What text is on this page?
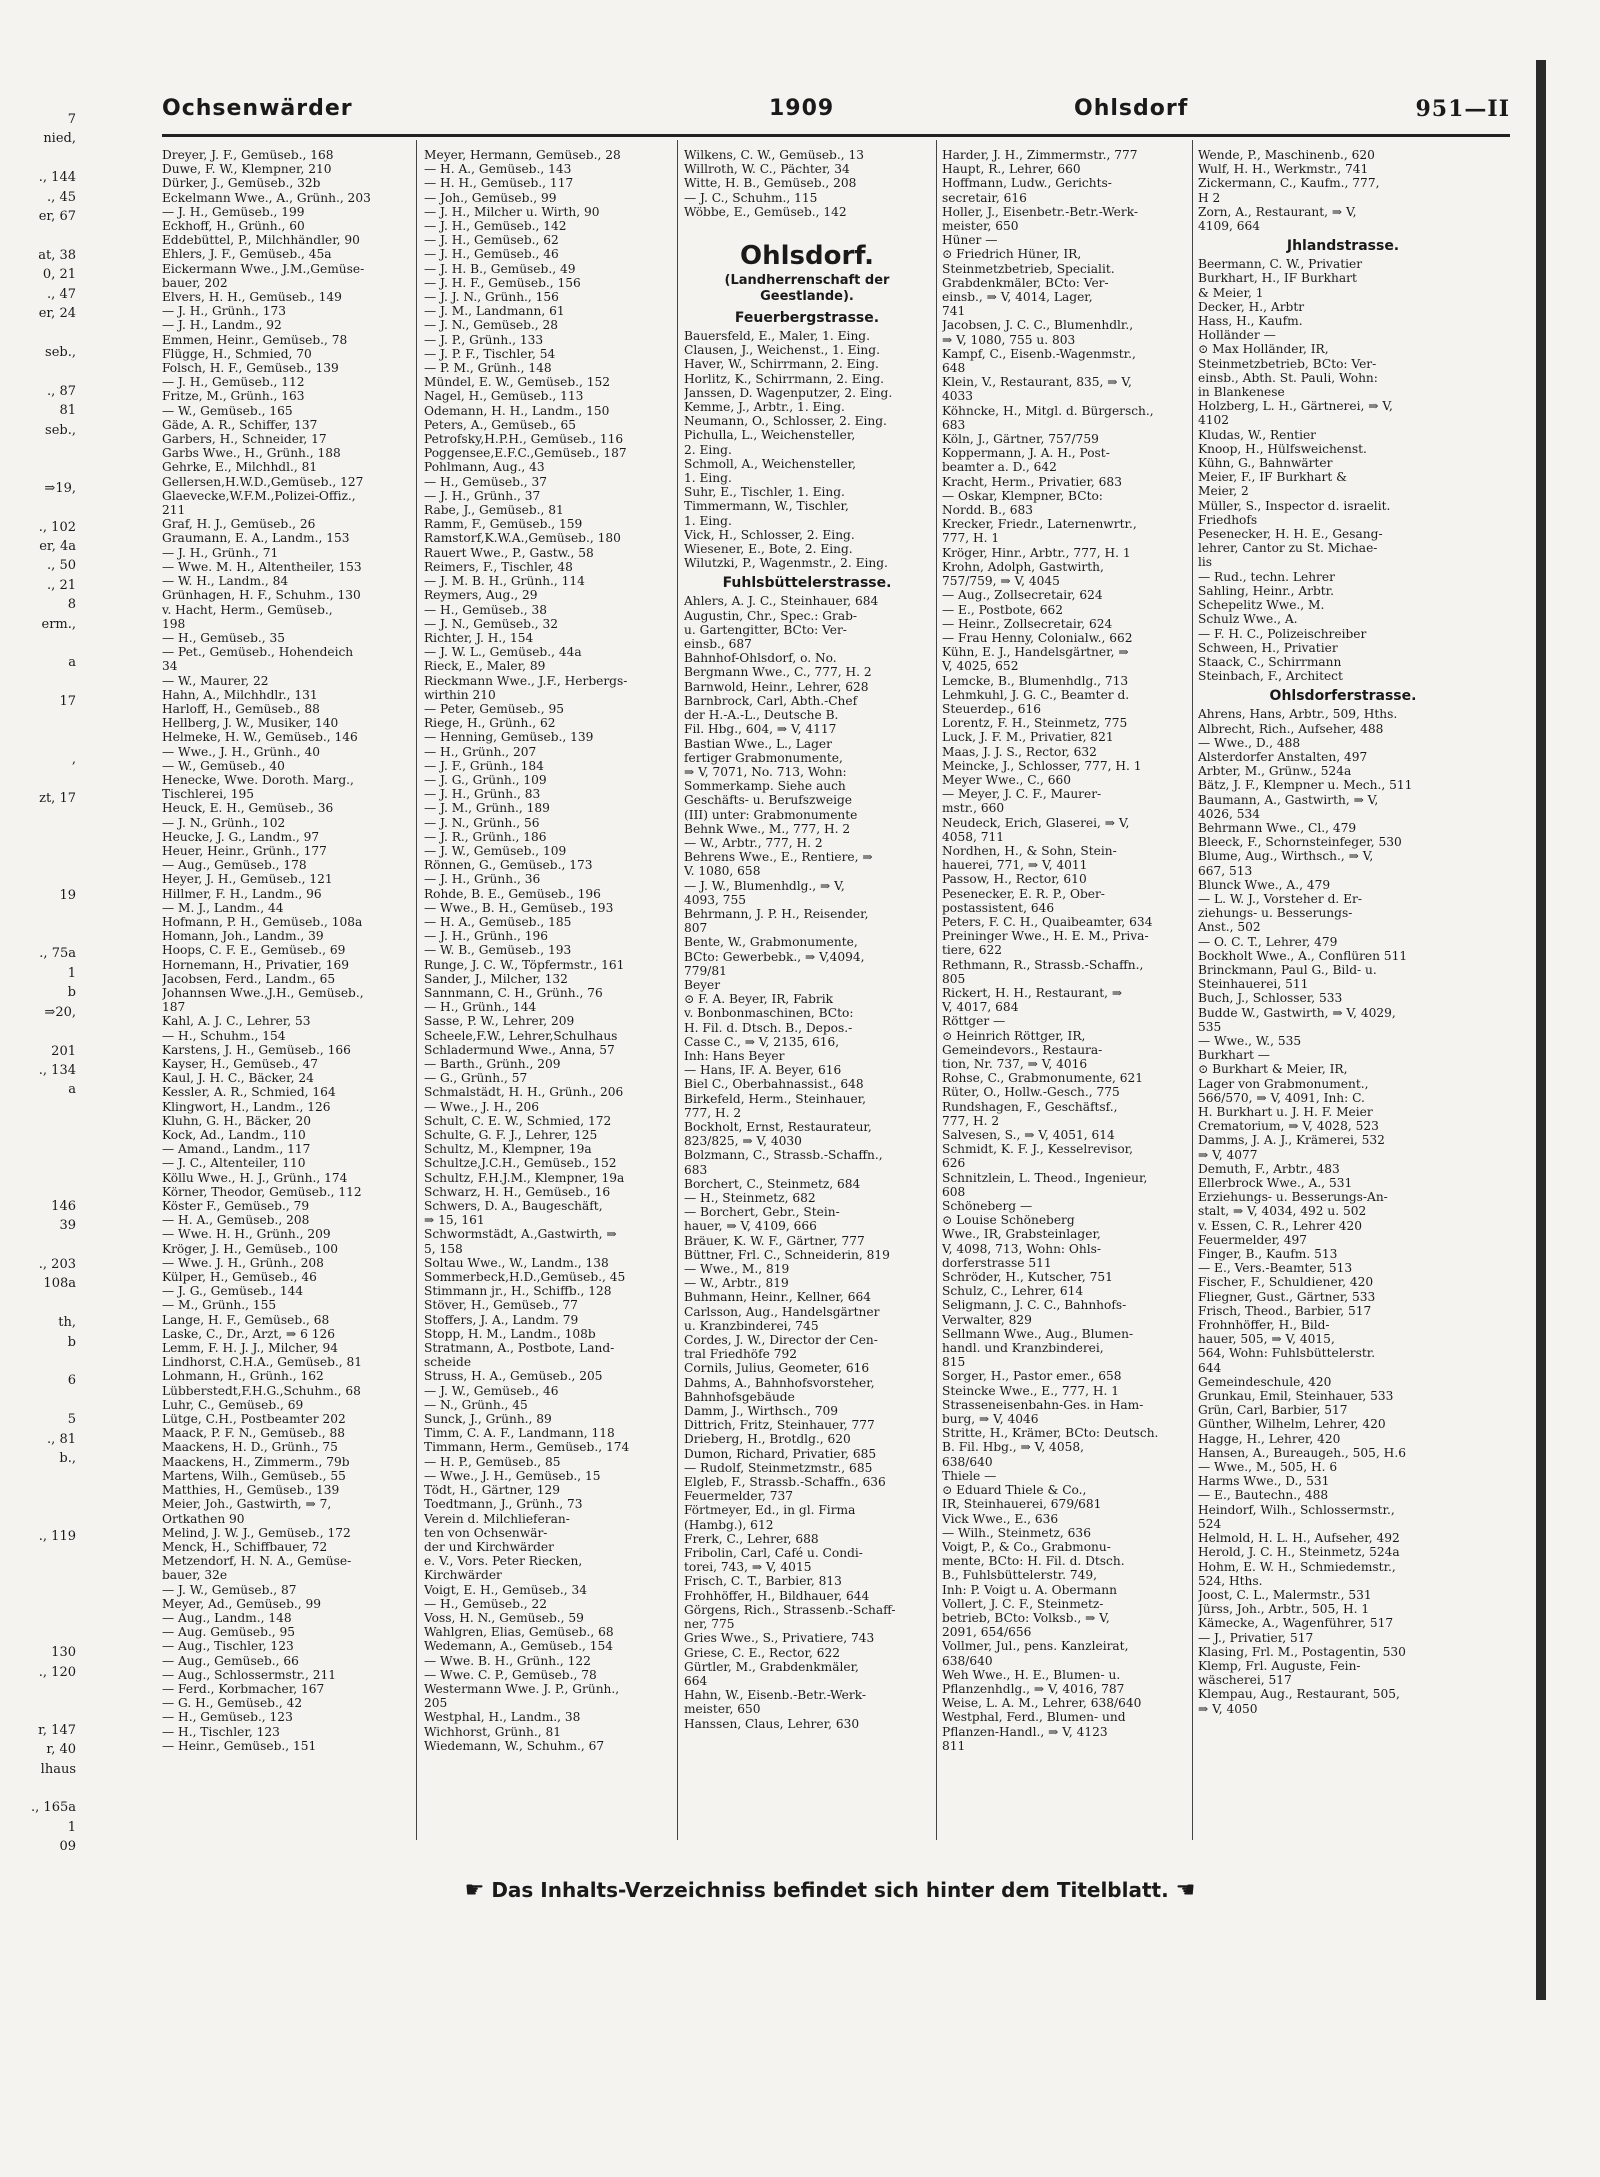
7
nied,

., 144
., 45
er, 67

at, 38
0, 21
., 47
er, 24

seb.,

., 87
81
seb.,

⇒19,

., 102
er, 4a
., 50
., 21
8
erm.,

a

17

,

zt, 17

19

., 75a
1
b
⇒20,

201
., 134
a

146
39

., 203
108a

th,
b

6

5
., 81
b.,

., 119

130
., 120

r, 147
r, 40
lhaus

., 165a
1
09
Ochsenwärder	1909	Ohlsdorf	951—II
Dreyer, J. F., Gemüseb., 168
Duwe, F. W., Klempner, 210
Dürker, J., Gemüseb., 32b
Eckelmann Wwe., A., Grünh., 203
— J. H., Gemüseb., 199
Eckhoff, H., Grünh., 60
Eddebüttel, P., Milchhändler, 90
Ehlers, J. F., Gemüseb., 45a
Eickermann Wwe., J.M.,Gemüse-
bauer, 202
Elvers, H. H., Gemüseb., 149
— J. H., Grünh., 173
— J. H., Landm., 92
Emmen, Heinr., Gemüseb., 78
Flügge, H., Schmied, 70
Folsch, H. F., Gemüseb., 139
— J. H., Gemüseb., 112
Fritze, M., Grünh., 163
— W., Gemüseb., 165
Gäde, A. R., Schiffer, 137
Garbers, H., Schneider, 17
Garbs Wwe., H., Grünh., 188
Gehrke, E., Milchhdl., 81
Gellersen,H.W.D.,Gemüseb., 127
Glaevecke,W.F.M.,Polizei-Offiz.,
211
Graf, H. J., Gemüseb., 26
Graumann, E. A., Landm., 153
— J. H., Grünh., 71
— Wwe. M. H., Altentheiler, 153
— W. H., Landm., 84
Grünhagen, H. F., Schuhm., 130
v. Hacht, Herm., Gemüseb.,
198
— H., Gemüseb., 35
— Pet., Gemüseb., Hohendeich
34
— W., Maurer, 22
Hahn, A., Milchhdlr., 131
Harloff, H., Gemüseb., 88
Hellberg, J. W., Musiker, 140
Helmeke, H. W., Gemüseb., 146
— Wwe., J. H., Grünh., 40
— W., Gemüseb., 40
Henecke, Wwe. Doroth. Marg.,
Tischlerei, 195
Heuck, E. H., Gemüseb., 36
— J. N., Grünh., 102
Heucke, J. G., Landm., 97
Heuer, Heinr., Grünh., 177
— Aug., Gemüseb., 178
Heyer, J. H., Gemüseb., 121
Hillmer, F. H., Landm., 96
— M. J., Landm., 44
Hofmann, P. H., Gemüseb., 108a
Homann, Joh., Landm., 39
Hoops, C. F. E., Gemüseb., 69
Hornemann, H., Privatier, 169
Jacobsen, Ferd., Landm., 65
Johannsen Wwe.,J.H., Gemüseb.,
187
Kahl, A. J. C., Lehrer, 53
— H., Schuhm., 154
Karstens, J. H., Gemüseb., 166
Kayser, H., Gemüseb., 47
Kaul, J. H. C., Bäcker, 24
Kessler, A. R., Schmied, 164
Klingwort, H., Landm., 126
Kluhn, G. H., Bäcker, 20
Kock, Ad., Landm., 110
— Amand., Landm., 117
— J. C., Altenteiler, 110
Köllu Wwe., H. J., Grünh., 174
Körner, Theodor, Gemüseb., 112
Köster F., Gemüseb., 79
— H. A., Gemüseb., 208
— Wwe. H. H., Grünh., 209
Kröger, J. H., Gemüseb., 100
— Wwe. J. H., Grünh., 208
Külper, H., Gemüseb., 46
— J. G., Gemüseb., 144
— M., Grünh., 155
Lange, H. F., Gemüseb., 68
Laske, C., Dr., Arzt, ⇒ 6 126
Lemm, F. H. J. J., Milcher, 94
Lindhorst, C.H.A., Gemüseb., 81
Lohmann, H., Grünh., 162
Lübberstedt,F.H.G.,Schuhm., 68
Luhr, C., Gemüseb., 69
Lütge, C.H., Postbeamter 202
Maack, P. F. N., Gemüseb., 88
Maackens, H. D., Grünh., 75
Maackens, H., Zimmerm., 79b
Martens, Wilh., Gemüseb., 55
Matthies, H., Gemüseb., 139
Meier, Joh., Gastwirth, ⇒ 7,
Ortkathen 90
Melind, J. W. J., Gemüseb., 172
Menck, H., Schiffbauer, 72
Metzendorf, H. N. A., Gemüse-
bauer, 32e
— J. W., Gemüseb., 87
Meyer, Ad., Gemüseb., 99
— Aug., Landm., 148
— Aug. Gemüseb., 95
— Aug., Tischler, 123
— Aug., Gemüseb., 66
— Aug., Schlossermstr., 211
— Ferd., Korbmacher, 167
— G. H., Gemüseb., 42
— H., Gemüseb., 123
— H., Tischler, 123
— Heinr., Gemüseb., 151
Meyer, Hermann, Gemüseb., 28
— H. A., Gemüseb., 143
— H. H., Gemüseb., 117
— Joh., Gemüseb., 99
— J. H., Milcher u. Wirth, 90
— J. H., Gemüseb., 142
— J. H., Gemüseb., 62
— J. H., Gemüseb., 46
— J. H. B., Gemüseb., 49
— J. H. F., Gemüseb., 156
— J. J. N., Grünh., 156
— J. M., Landmann, 61
— J. N., Gemüseb., 28
— J. P., Grünh., 133
— J. P. F., Tischler, 54
— P. M., Grünh., 148
Mündel, E. W., Gemüseb., 152
Nagel, H., Gemüseb., 113
Odemann, H. H., Landm., 150
Peters, A., Gemüseb., 65
Petrofsky,H.P.H., Gemüseb., 116
Poggensee,E.F.C.,Gemüseb., 187
Pohlmann, Aug., 43
— H., Gemüseb., 37
— J. H., Grünh., 37
Rabe, J., Gemüseb., 81
Ramm, F., Gemüseb., 159
Ramstorf,K.W.A.,Gemüseb., 180
Rauert Wwe., P., Gastw., 58
Reimers, F., Tischler, 48
— J. M. B. H., Grünh., 114
Reymers, Aug., 29
— H., Gemüseb., 38
— J. N., Gemüseb., 32
Richter, J. H., 154
— J. W. L., Gemüseb., 44a
Rieck, E., Maler, 89
Rieckmann Wwe., J.F., Herbergs-
wirthin 210
— Peter, Gemüseb., 95
Riege, H., Grünh., 62
— Henning, Gemüseb., 139
— H., Grünh., 207
— J. F., Grünh., 184
— J. G., Grünh., 109
— J. H., Grünh., 83
— J. M., Grünh., 189
— J. N., Grünh., 56
— J. R., Grünh., 186
— J. W., Gemüseb., 109
Rönnen, G., Gemüseb., 173
— J. H., Grünh., 36
Rohde, B. E., Gemüseb., 196
— Wwe., B. H., Gemüseb., 193
— H. A., Gemüseb., 185
— J. H., Grünh., 196
— W. B., Gemüseb., 193
Runge, J. C. W., Töpfermstr., 161
Sander, J., Milcher, 132
Sannmann, C. H., Grünh., 76
— H., Grünh., 144
Sasse, P. W., Lehrer, 209
Scheele,F.W., Lehrer,Schulhaus
Schladermund Wwe., Anna, 57
— Barth., Grünh., 209
— G., Grünh., 57
Schmalstädt, H. H., Grünh., 206
— Wwe., J. H., 206
Schult, C. E. W., Schmied, 172
Schulte, G. F. J., Lehrer, 125
Schultz, M., Klempner, 19a
Schultze,J.C.H., Gemüseb., 152
Schultz, F.H.J.M., Klempner, 19a
Schwarz, H. H., Gemüseb., 16
Schwers, D. A., Baugeschäft,
⇒ 15, 161
Schwormstädt, A.,Gastwirth, ⇒
5, 158
Soltau Wwe., W., Landm., 138
Sommerbeck,H.D.,Gemüseb., 45
Stimmann jr., H., Schiffb., 128
Stöver, H., Gemüseb., 77
Stoffers, J. A., Landm. 79
Stopp, H. M., Landm., 108b
Stratmann, A., Postbote, Land-
scheide
Struss, H. A., Gemüseb., 205
— J. W., Gemüseb., 46
— N., Grünh., 45
Sunck, J., Grünh., 89
Timm, C. A. F., Landmann, 118
Timmann, Herm., Gemüseb., 174
— H. P., Gemüseb., 85
— Wwe., J. H., Gemüseb., 15
Tödt, H., Gärtner, 129
Toedtmann, J., Grünh., 73
Verein d. Milchlieferan-
ten von Ochsenwär-
der und Kirchwärder
e. V., Vors. Peter Riecken,
Kirchwärder
Voigt, E. H., Gemüseb., 34
— H., Gemüseb., 22
Voss, H. N., Gemüseb., 59
Wahlgren, Elias, Gemüseb., 68
Wedemann, A., Gemüseb., 154
— Wwe. B. H., Grünh., 122
— Wwe. C. P., Gemüseb., 78
Westermann Wwe. J. P., Grünh.,
205
Westphal, H., Landm., 38
Wichhorst, Grünh., 81
Wiedemann, W., Schuhm., 67
Wilkens, C. W., Gemüseb., 13
Willroth, W. C., Pächter, 34
Witte, H. B., Gemüseb., 208
— J. C., Schuhm., 115
Wöbbe, E., Gemüseb., 142
Ohlsdorf.
(Landherrenschaft der
Geestlande).
Feuerbergstrasse.
Bauersfeld, E., Maler, 1. Eing.
Clausen, J., Weichenst., 1. Eing.
Haver, W., Schirrmann, 2. Eing.
Horlitz, K., Schirrmann, 2. Eing.
Janssen, D. Wagenputzer, 2. Eing.
Kemme, J., Arbtr., 1. Eing.
Neumann, O., Schlosser, 2. Eing.
Pichulla, L., Weichensteller,
2. Eing.
Schmoll, A., Weichensteller,
1. Eing.
Suhr, E., Tischler, 1. Eing.
Timmermann, W., Tischler,
1. Eing.
Vick, H., Schlosser, 2. Eing.
Wiesener, E., Bote, 2. Eing.
Wilutzki, P., Wagenmstr., 2. Eing.
Fuhlsbüttelerstrasse.
Ahlers, A. J. C., Steinhauer, 684
Augustin, Chr., Spec.: Grab-
u. Gartengitter, BCto: Ver-
einsb., 687
Bahnhof-Ohlsdorf, o. No.
Bergmann Wwe., C., 777, H. 2
Barnwold, Heinr., Lehrer, 628
Barnbrock, Carl, Abth.-Chef
der H.-A.-L., Deutsche B.
Fil. Hbg., 604, ⇒ V, 4117
Bastian Wwe., L., Lager
fertiger Grabmonumente,
⇒ V, 7071, No. 713, Wohn:
Sommerkamp. Siehe auch
Geschäfts- u. Berufszweige
(III) unter: Grabmonumente
Behnk Wwe., M., 777, H. 2
— W., Arbtr., 777, H. 2
Behrens Wwe., E., Rentiere, ⇒
V. 1080, 658
— J. W., Blumenhdlg., ⇒ V,
4093, 755
Behrmann, J. P. H., Reisender,
807
Bente, W., Grabmonumente,
BCto: Gewerbebk., ⇒ V,4094,
779/81
Beyer
⊙ F. A. Beyer, IR, Fabrik
v. Bonbonmaschinen, BCto:
H. Fil. d. Dtsch. B., Depos.-
Casse C., ⇒ V, 2135, 616,
Inh: Hans Beyer
— Hans, IF. A. Beyer, 616
Biel C., Oberbahnassist., 648
Birkefeld, Herm., Steinhauer,
777, H. 2
Bockholt, Ernst, Restaurateur,
823/825, ⇒ V, 4030
Bolzmann, C., Strassb.-Schaffn.,
683
Borchert, C., Steinmetz, 684
— H., Steinmetz, 682
— Borchert, Gebr., Stein-
hauer, ⇒ V, 4109, 666
Bräuer, K. W. F., Gärtner, 777
Büttner, Frl. C., Schneiderin, 819
— Wwe., M., 819
— W., Arbtr., 819
Buhmann, Heinr., Kellner, 664
Carlsson, Aug., Handelsgärtner
u. Kranzbinderei, 745
Cordes, J. W., Director der Cen-
tral Friedhöfe 792
Cornils, Julius, Geometer, 616
Dahms, A., Bahnhofsvorsteher,
Bahnhofsgebäude
Damm, J., Wirthsch., 709
Dittrich, Fritz, Steinhauer, 777
Drieberg, H., Brotdlg., 620
Dumon, Richard, Privatier, 685
— Rudolf, Steinmetzmstr., 685
Elgleb, F., Strassb.-Schaffn., 636
Feuermelder, 737
Förtmeyer, Ed., in gl. Firma
(Hambg.), 612
Frerk, C., Lehrer, 688
Fribolin, Carl, Café u. Condi-
torei, 743, ⇒ V, 4015
Frisch, C. T., Barbier, 813
Frohhöffer, H., Bildhauer, 644
Görgens, Rich., Strassenb.-Schaff-
ner, 775
Gries Wwe., S., Privatiere, 743
Griese, C. E., Rector, 622
Gürtler, M., Grabdenkmäler,
664
Hahn, W., Eisenb.-Betr.-Werk-
meister, 650
Hanssen, Claus, Lehrer, 630
Harder, J. H., Zimmermstr., 777
Haupt, R., Lehrer, 660
Hoffmann, Ludw., Gerichts-
secretair, 616
Holler, J., Eisenbetr.-Betr.-Werk-
meister, 650
Hüner —
⊙ Friedrich Hüner, IR,
Steinmetzbetrieb, Specialit.
Grabdenkmäler, BCto: Ver-
einsb., ⇒ V, 4014, Lager,
741
Jacobsen, J. C. C., Blumenhdlr.,
⇒ V, 1080, 755 u. 803
Kampf, C., Eisenb.-Wagenmstr.,
648
Klein, V., Restaurant, 835, ⇒ V,
4033
Köhncke, H., Mitgl. d. Bürgersch.,
683
Köln, J., Gärtner, 757/759
Koppermann, J. A. H., Post-
beamter a. D., 642
Kracht, Herm., Privatier, 683
— Oskar, Klempner, BCto:
Nordd. B., 683
Krecker, Friedr., Laternenwrtr.,
777, H. 1
Kröger, Hinr., Arbtr., 777, H. 1
Krohn, Adolph, Gastwirth,
757/759, ⇒ V, 4045
— Aug., Zollsecretair, 624
— E., Postbote, 662
— Heinr., Zollsecretair, 624
— Frau Henny, Colonialw., 662
Kühn, E. J., Handelsgärtner, ⇒
V, 4025, 652
Lemcke, B., Blumenhdlg., 713
Lehmkuhl, J. G. C., Beamter d.
Steuerdep., 616
Lorentz, F. H., Steinmetz, 775
Luck, J. F. M., Privatier, 821
Maas, J. J. S., Rector, 632
Meincke, J., Schlosser, 777, H. 1
Meyer Wwe., C., 660
— Meyer, J. C. F., Maurer-
mstr., 660
Neudeck, Erich, Glaserei, ⇒ V,
4058, 711
Nordhen, H., & Sohn, Stein-
hauerei, 771, ⇒ V, 4011
Passow, H., Rector, 610
Pesenecker, E. R. P., Ober-
postassistent, 646
Peters, F. C. H., Quaibeamter, 634
Preininger Wwe., H. E. M., Priva-
tiere, 622
Rethmann, R., Strassb.-Schaffn.,
805
Rickert, H. H., Restaurant, ⇒
V, 4017, 684
Röttger —
⊙ Heinrich Röttger, IR,
Gemeindevors., Restaura-
tion, Nr. 737, ⇒ V, 4016
Rohse, C., Grabmonumente, 621
Rüter, O., Hollw.-Gesch., 775
Rundshagen, F., Geschäftsf.,
777, H. 2
Salvesen, S., ⇒ V, 4051, 614
Schmidt, K. F. J., Kesselrevisor,
626
Schnitzlein, L. Theod., Ingenieur,
608
Schöneberg —
⊙ Louise Schöneberg
Wwe., IR, Grabsteinlager,
V, 4098, 713, Wohn: Ohls-
dorferstrasse 511
Schröder, H., Kutscher, 751
Schulz, C., Lehrer, 614
Seligmann, J. C. C., Bahnhofs-
Verwalter, 829
Sellmann Wwe., Aug., Blumen-
handl. und Kranzbinderei,
815
Sorger, H., Pastor emer., 658
Steincke Wwe., E., 777, H. 1
Strasseneisenbahn-Ges. in Ham-
burg, ⇒ V, 4046
Stritte, H., Krämer, BCto: Deutsch.
B. Fil. Hbg., ⇒ V, 4058,
638/640
Thiele —
⊙ Eduard Thiele & Co.,
IR, Steinhauerei, 679/681
Vick Wwe., E., 636
— Wilh., Steinmetz, 636
Voigt, P., & Co., Grabmonu-
mente, BCto: H. Fil. d. Dtsch.
B., Fuhlsbüttelerstr. 749,
Inh: P. Voigt u. A. Obermann
Vollert, J. C. F., Steinmetz-
betrieb, BCto: Volksb., ⇒ V,
2091, 654/656
Vollmer, Jul., pens. Kanzleirat,
638/640
Weh Wwe., H. E., Blumen- u.
Pflanzenhdlg., ⇒ V, 4016, 787
Weise, L. A. M., Lehrer, 638/640
Westphal, Ferd., Blumen- und
Pflanzen-Handl., ⇒ V, 4123
811
Wende, P., Maschinenb., 620
Wulf, H. H., Werkmstr., 741
Zickermann, C., Kaufm., 777,
H 2
Zorn, A., Restaurant, ⇒ V,
4109, 664
Jhlandstrasse.
Beermann, C. W., Privatier
Burkhart, H., ⅠF Burkhart
& Meier, 1
Decker, H., Arbtr
Hass, H., Kaufm.
Holländer —
⊙ Max Holländer, IR,
Steinmetzbetrieb, BCto: Ver-
einsb., Abth. St. Pauli, Wohn:
in Blankenese
Holzberg, L. H., Gärtnerei, ⇒ V,
4102
Kludas, W., Rentier
Knoop, H., Hülfsweichenst.
Kühn, G., Bahnwärter
Meier, F., ⅠF Burkhart &
Meier, 2
Müller, S., Inspector d. israelit.
Friedhofs
Pesenecker, H. H. E., Gesang-
lehrer, Cantor zu St. Michae-
lis
— Rud., techn. Lehrer
Sahling, Heinr., Arbtr.
Schepelitz Wwe., M.
Schulz Wwe., A.
— F. H. C., Polizeischreiber
Schween, H., Privatier
Staack, C., Schirrmann
Steinbach, F., Architect
Ohlsdorferstrasse.
Ahrens, Hans, Arbtr., 509, Hths.
Albrecht, Rich., Aufseher, 488
— Wwe., D., 488
Alsterdorfer Anstalten, 497
Arbter, M., Grünw., 524a
Bätz, J. F., Klempner u. Mech., 511
Baumann, A., Gastwirth, ⇒ V,
4026, 534
Behrmann Wwe., Cl., 479
Bleeck, F., Schornsteinfeger, 530
Blume, Aug., Wirthsch., ⇒ V,
667, 513
Blunck Wwe., A., 479
— L. W. J., Vorsteher d. Er-
ziehungs- u. Besserungs-
Anst., 502
— O. C. T., Lehrer, 479
Bockholt Wwe., A., Conflüren 511
Brinckmann, Paul G., Bild- u.
Steinhauerei, 511
Buch, J., Schlosser, 533
Budde W., Gastwirth, ⇒ V, 4029,
535
— Wwe., W., 535
Burkhart —
⊙ Burkhart & Meier, IR,
Lager von Grabmonument.,
566/570, ⇒ V, 4091, Inh: C.
H. Burkhart u. J. H. F. Meier
Crematorium, ⇒ V, 4028, 523
Damms, J. A. J., Krämerei, 532
⇒ V, 4077
Demuth, F., Arbtr., 483
Ellerbrock Wwe., A., 531
Erziehungs- u. Besserungs-An-
stalt, ⇒ V, 4034, 492 u. 502
v. Essen, C. R., Lehrer 420
Feuermelder, 497
Finger, B., Kaufm. 513
— E., Vers.-Beamter, 513
Fischer, F., Schuldiener, 420
Fliegner, Gust., Gärtner, 533
Frisch, Theod., Barbier, 517
Frohnhöffer, H., Bild-
hauer, 505, ⇒ V, 4015,
564, Wohn: Fuhlsbüttelerstr.
644
Gemeindeschule, 420
Grunkau, Emil, Steinhauer, 533
Grün, Carl, Barbier, 517
Günther, Wilhelm, Lehrer, 420
Hagge, H., Lehrer, 420
Hansen, A., Bureaugeh., 505, H.6
— Wwe., M., 505, H. 6
Harms Wwe., D., 531
— E., Bautechn., 488
Heindorf, Wilh., Schlossermstr.,
524
Helmold, H. L. H., Aufseher, 492
Herold, J. C. H., Steinmetz, 524a
Hohm, E. W. H., Schmiedemstr.,
524, Hths.
Joost, C. L., Malermstr., 531
Jürss, Joh., Arbtr., 505, H. 1
Kämecke, A., Wagenführer, 517
— J., Privatier, 517
Klasing, Frl. M., Postagentin, 530
Klemp, Frl. Auguste, Fein-
wäscherei, 517
Klempau, Aug., Restaurant, 505,
⇒ V, 4050
☛ Das Inhalts-Verzeichniss befindet sich hinter dem Titelblatt. ☚
